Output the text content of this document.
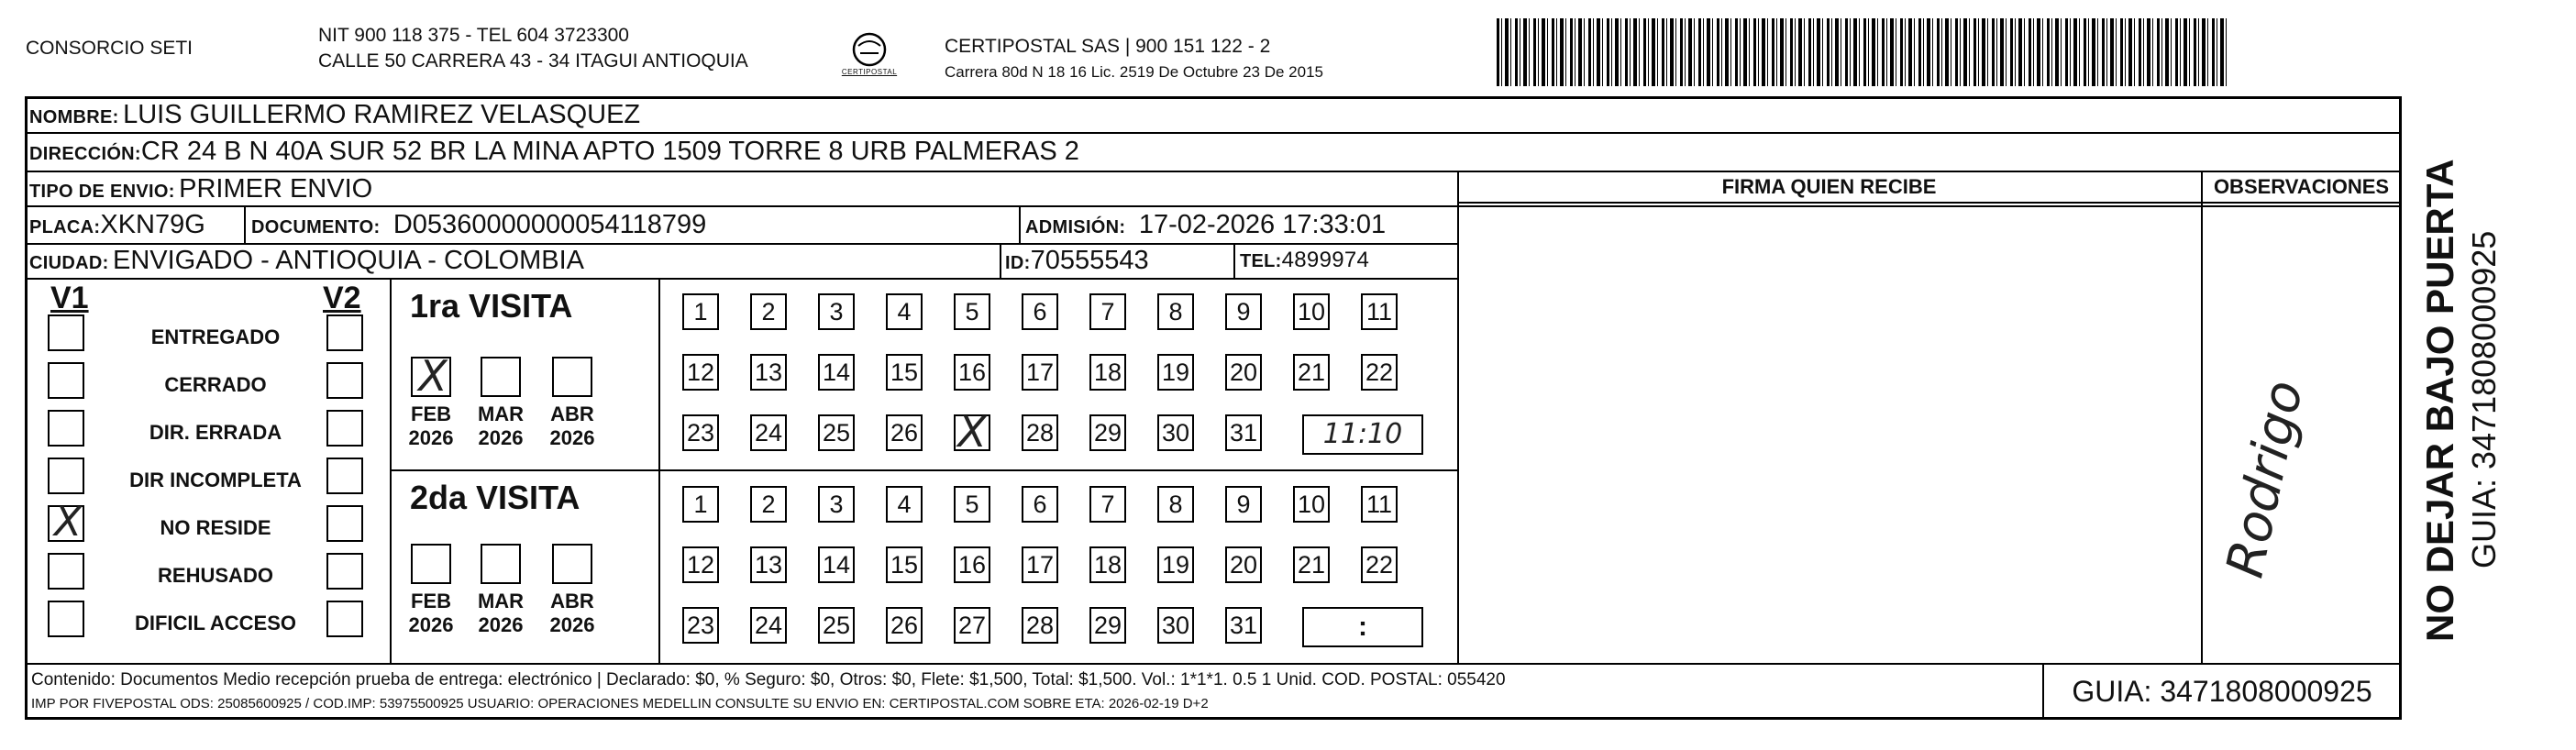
CONSORCIO SETI
NIT 900 118 375 - TEL 604 3723300
CALLE 50 CARRERA 43 - 34 ITAGUI ANTIOQUIA
CERTIPOSTAL
CERTIPOSTAL SAS | 900 151 122 - 2
Carrera 80d N 18 16 Lic. 2519 De Octubre 23 De 2015
NOMBRE: LUIS GUILLERMO RAMIREZ VELASQUEZ
DIRECCIÓN:CR 24 B N 40A SUR 52 BR LA MINA APTO 1509 TORRE 8 URB PALMERAS 2
TIPO DE ENVIO: PRIMER ENVIO	FIRMA QUIEN RECIBE	OBSERVACIONES
PLACA:XKN79G	DOCUMENTO: D05360000000054118799	ADMISIÓN: 17-02-2026 17:33:01
CIUDAD: ENVIGADO - ANTIOQUIA - COLOMBIA	ID:70555543	TEL:4899974
V1	V2
ENTREGADO
CERRADO
DIR. ERRADA
DIR INCOMPLETA
X	NO RESIDE
REHUSADO
DIFICIL ACCESO
1ra VISITA
X
FEB
2026
MAR
2026
ABR
2026
1	2	3	4	5	6	7	8	9	10 11
12 13 14 15 16 17 18 19 20 21 22
23 24 25 26 X 28 29 30 31	11:10
2da VISITA
FEB
2026
MAR
2026
ABR
2026
1	2	3	4	5	6	7	8	9	10 11
12 13 14 15 16 17 18 19 20 21 22
23 24 25 26 27 28 29 30 31	:
Rodrigo
Contenido: Documentos Medio recepción prueba de entrega: electrónico | Declarado: $0, % Seguro: $0, Otros: $0, Flete: $1,500, Total: $1,500. Vol.: 1*1*1. 0.5 1 Unid. COD. POSTAL: 055420
IMP POR FIVEPOSTAL ODS: 25085600925 / COD.IMP: 53975500925 USUARIO: OPERACIONES MEDELLIN CONSULTE SU ENVIO EN: CERTIPOSTAL.COM SOBRE ETA: 2026-02-19 D+2	GUIA: 3471808000925
NO DEJAR BAJO PUERTA GUIA: 3471808000925
